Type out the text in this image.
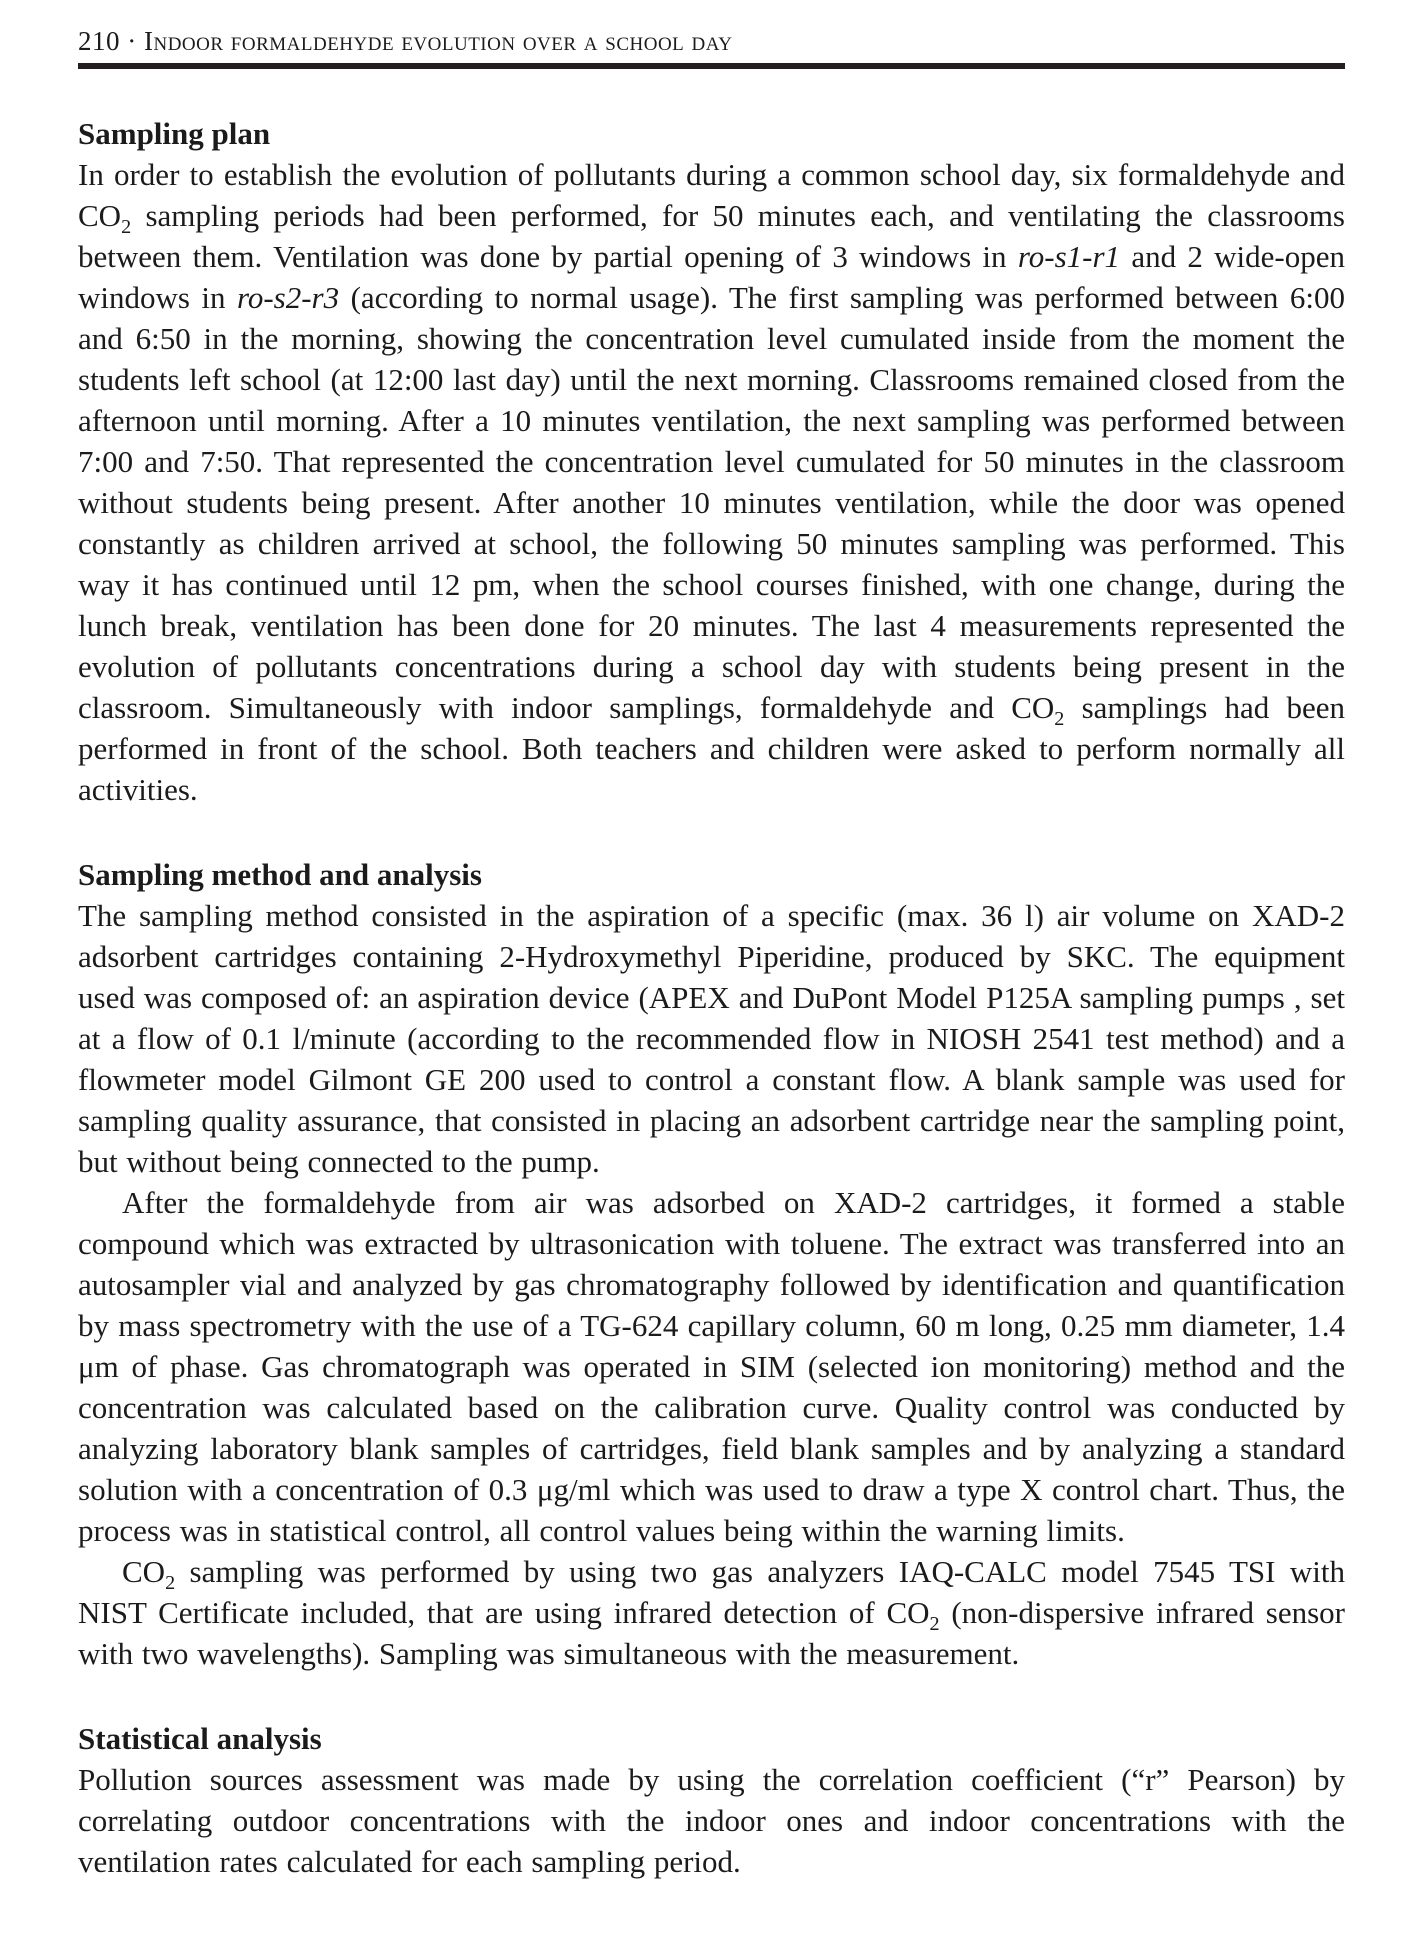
210 · Indoor formaldehyde evolution over a school day
Sampling plan

In order to establish the evolution of pollutants during a common school day, six formaldehyde and $CO_2$ sampling periods had been performed, for 50 minutes each, and ventilating the classrooms between them. Ventilation was done by partial opening of 3 windows in ro-s1-r1 and 2 wide-open windows in ro-s2-r3 (according to normal usage). The first sampling was performed between 6:00 and 6:50 in the morning, showing the concentration level cumulated inside from the moment the students left school (at 12:00 last day) until the next morning. Classrooms remained closed from the afternoon until morning. After a 10 minutes ventilation, the next sampling was performed between 7:00 and 7:50. That represented the concentration level cumulated for 50 minutes in the classroom without students being present. After another 10 minutes ventilation, while the door was opened constantly as children arrived at school, the following 50 minutes sampling was performed. This way it has continued until 12 pm, when the school courses finished, with one change, during the lunch break, ventilation has been done for 20 minutes. The last 4 measurements represented the evolution of pollutants concentrations during a school day with students being present in the classroom. Simultaneously with indoor samplings, formaldehyde and $CO_2$ samplings had been performed in front of the school. Both teachers and children were asked to perform normally all activities.

Sampling method and analysis

The sampling method consisted in the aspiration of a specific (max. 36 l) air volume on XAD-2 adsorbent cartridges containing 2-Hydroxymethyl Piperidine, produced by SKC. The equipment used was composed of: an aspiration device (APEX and DuPont Model P125A sampling pumps , set at a flow of 0.1 l/minute (according to the recommended flow in NIOSH 2541 test method) and a flowmeter model Gilmont GE 200 used to control a constant flow. A blank sample was used for sampling quality assurance, that consisted in placing an adsorbent cartridge near the sampling point, but without being connected to the pump.

After the formaldehyde from air was adsorbed on XAD-2 cartridges, it formed a stable compound which was extracted by ultrasonication with toluene. The extract was transferred into an autosampler vial and analyzed by gas chromatography followed by identification and quantification by mass spectrometry with the use of a TG-624 capillary column, 60 m long, 0.25 mm diameter, 1.4 μm of phase. Gas chromatograph was operated in SIM (selected ion monitoring) method and the concentration was calculated based on the calibration curve. Quality control was conducted by analyzing laboratory blank samples of cartridges, field blank samples and by analyzing a standard solution with a concentration of 0.3 μg/ml which was used to draw a type X control chart. Thus, the process was in statistical control, all control values being within the warning limits.

$CO_2$ sampling was performed by using two gas analyzers IAQ-CALC model 7545 TSI with NIST Certificate included, that are using infrared detection of $CO_2$ (non-dispersive infrared sensor with two wavelengths). Sampling was simultaneous with the measurement.

Statistical analysis

Pollution sources assessment was made by using the correlation coefficient (“r” Pearson) by correlating outdoor concentrations with the indoor ones and indoor concentrations with the ventilation rates calculated for each sampling period.
